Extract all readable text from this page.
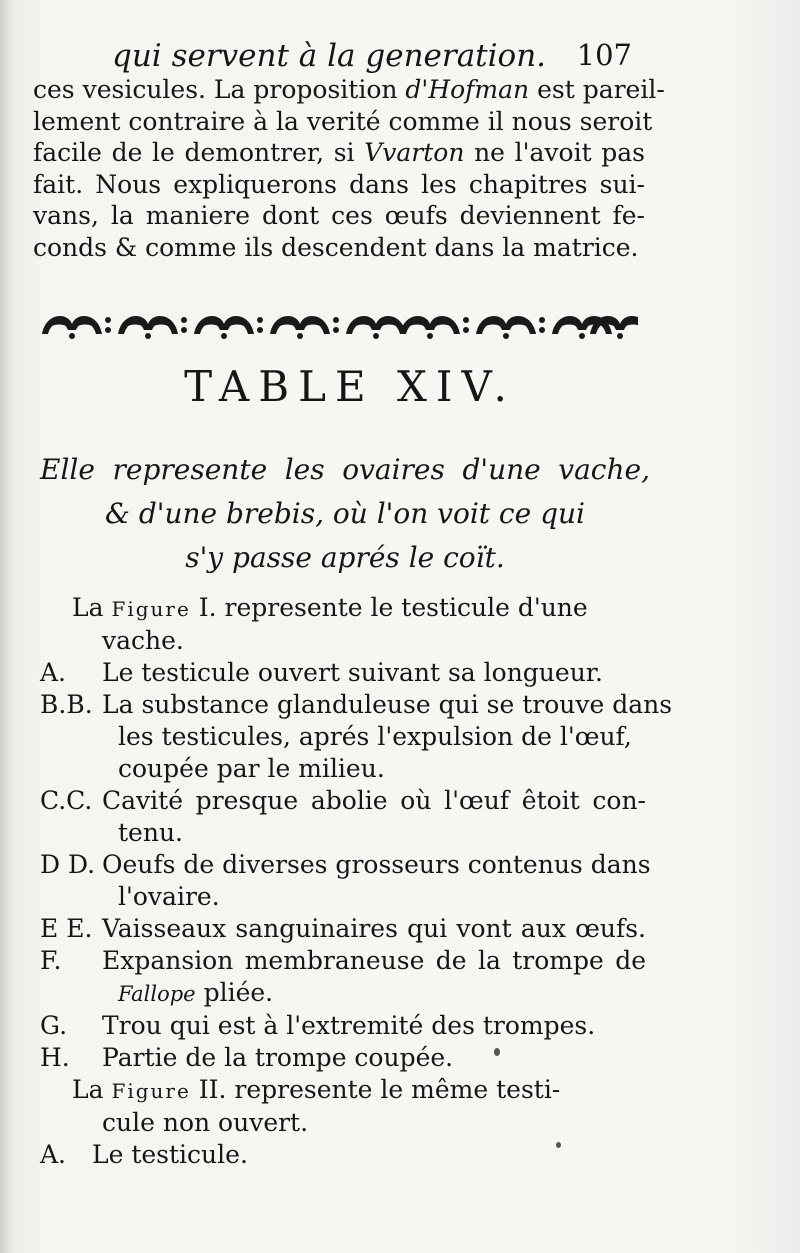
qui servent à la generation. 107
ces vesicules. La proposition d'Hofman est pareil-
lement contraire à la verité comme il nous seroit
facile de le demontrer, si Vvarton ne l'avoit pas
fait. Nous expliquerons dans les chapitres sui-
vans, la maniere dont ces œufs deviennent fe-
conds & comme ils descendent dans la matrice.
TABLE XIV.
Elle represente les ovaires d'une vache,
& d'une brebis, où l'on voit ce qui
s'y passe aprés le coït.
La Figure I. represente le testicule d'une
vache.
A. Le testicule ouvert suivant sa longueur.
B.B. La substance glanduleuse qui se trouve dans
les testicules, aprés l'expulsion de l'œuf,
coupée par le milieu.
C.C. Cavité presque abolie où l'œuf êtoit con-
tenu.
D D. Oeufs de diverses grosseurs contenus dans
l'ovaire.
E E. Vaisseaux sanguinaires qui vont aux œufs.
F. Expansion membraneuse de la trompe de
Fallope pliée.
G. Trou qui est à l'extremité des trompes.
H. Partie de la trompe coupée.
La Figure II. represente le même testi-
cule non ouvert.
A. Le testicule.
